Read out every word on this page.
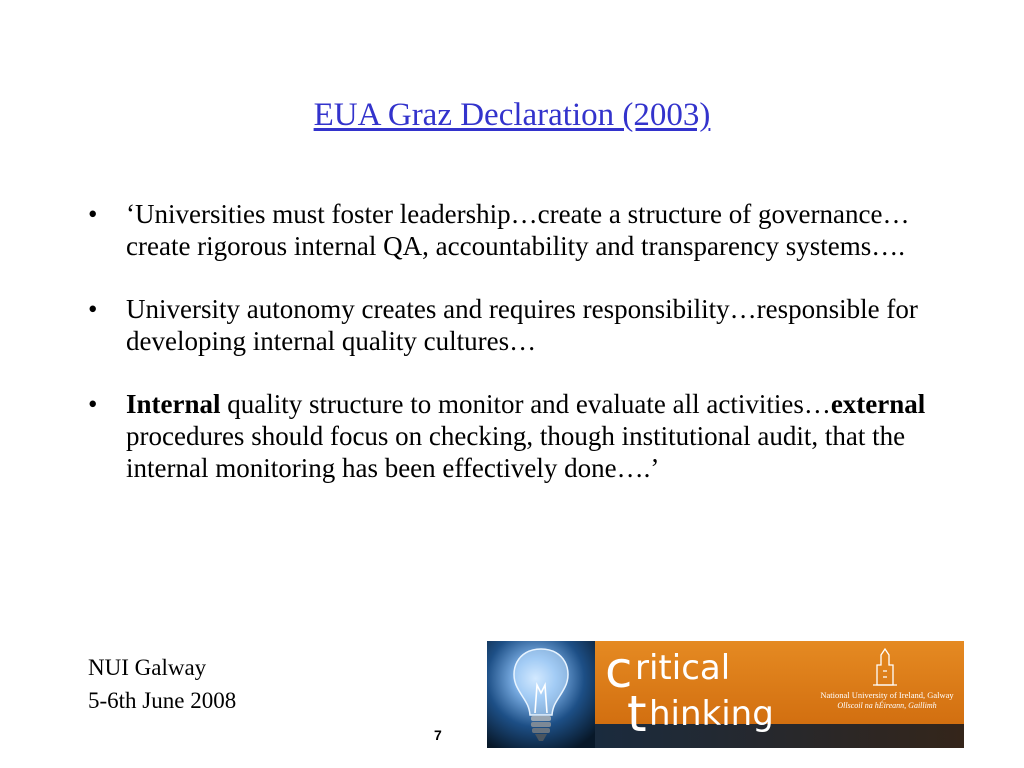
EUA Graz Declaration (2003)
• ‘Universities must foster leadership…create a structure of governance…create rigorous internal QA, accountability and transparency systems….
• University autonomy creates and requires responsibility…responsible for developing internal quality cultures…
• Internal quality structure to monitor and evaluate all activities…external procedures should focus on checking, though institutional audit, that the internal monitoring has been effectively done….’
NUI Galway
5-6th June 2008
7
c ritical
t hinking	National University of Ireland, Galway
Ollscoil na hÉireann, Gaillimh
